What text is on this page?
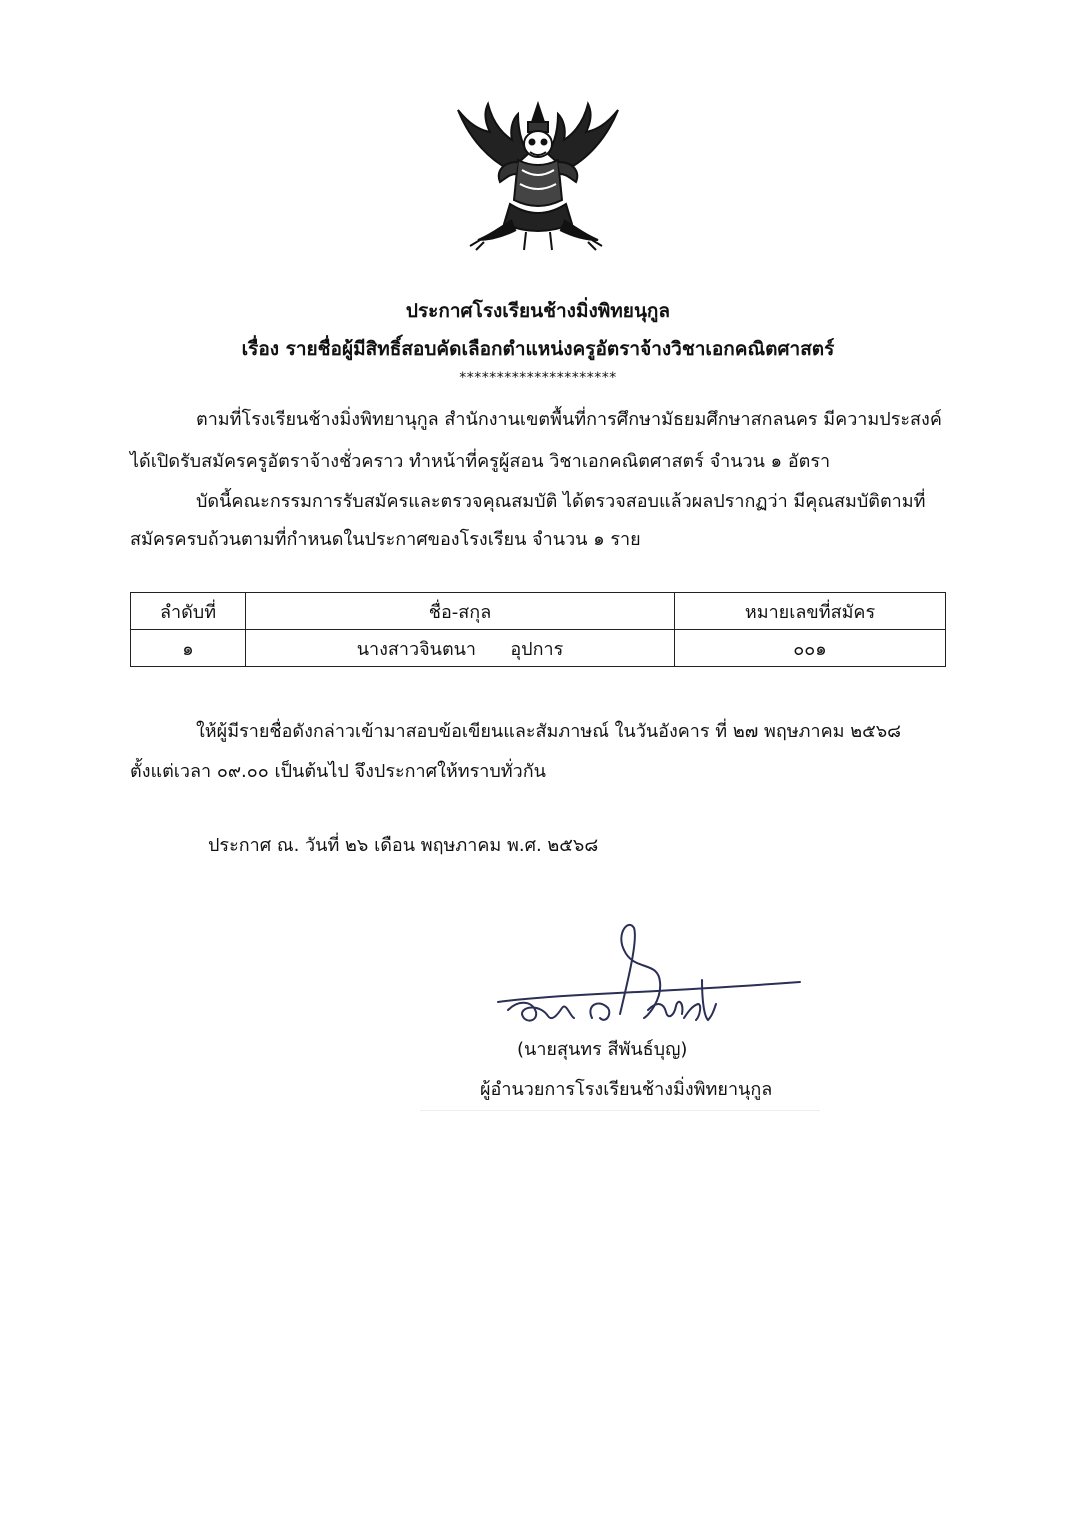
ประกาศโรงเรียนช้างมิ่งพิทยนุกูล
เรื่อง รายชื่อผู้มีสิทธิ์สอบคัดเลือกตำแหน่งครูอัตราจ้างวิชาเอกคณิตศาสตร์
*********************
ตามที่โรงเรียนช้างมิ่งพิทยานุกูล สำนักงานเขตพื้นที่การศึกษามัธยมศึกษาสกลนคร มีความประสงค์
ได้เปิดรับสมัครครูอัตราจ้างชั่วคราว ทำหน้าที่ครูผู้สอน วิชาเอกคณิตศาสตร์ จำนวน ๑ อัตรา
บัดนี้คณะกรรมการรับสมัครและตรวจคุณสมบัติ ได้ตรวจสอบแล้วผลปรากฏว่า มีคุณสมบัติตามที่
สมัครครบถ้วนตามที่กำหนดในประกาศของโรงเรียน จำนวน ๑ ราย
ลำดับที่	ชื่อ-สกุล	หมายเลขที่สมัคร
๑	นางสาวจินตนา      อุปการ	๐๐๑
ให้ผู้มีรายชื่อดังกล่าวเข้ามาสอบข้อเขียนและสัมภาษณ์ ในวันอังคาร ที่ ๒๗ พฤษภาคม ๒๕๖๘
ตั้งแต่เวลา ๐๙.๐๐ เป็นต้นไป จึงประกาศให้ทราบทั่วกัน
ประกาศ ณ. วันที่ ๒๖ เดือน พฤษภาคม พ.ศ. ๒๕๖๘
(นายสุนทร สีพันธ์บุญ)
ผู้อำนวยการโรงเรียนช้างมิ่งพิทยานุกูล
